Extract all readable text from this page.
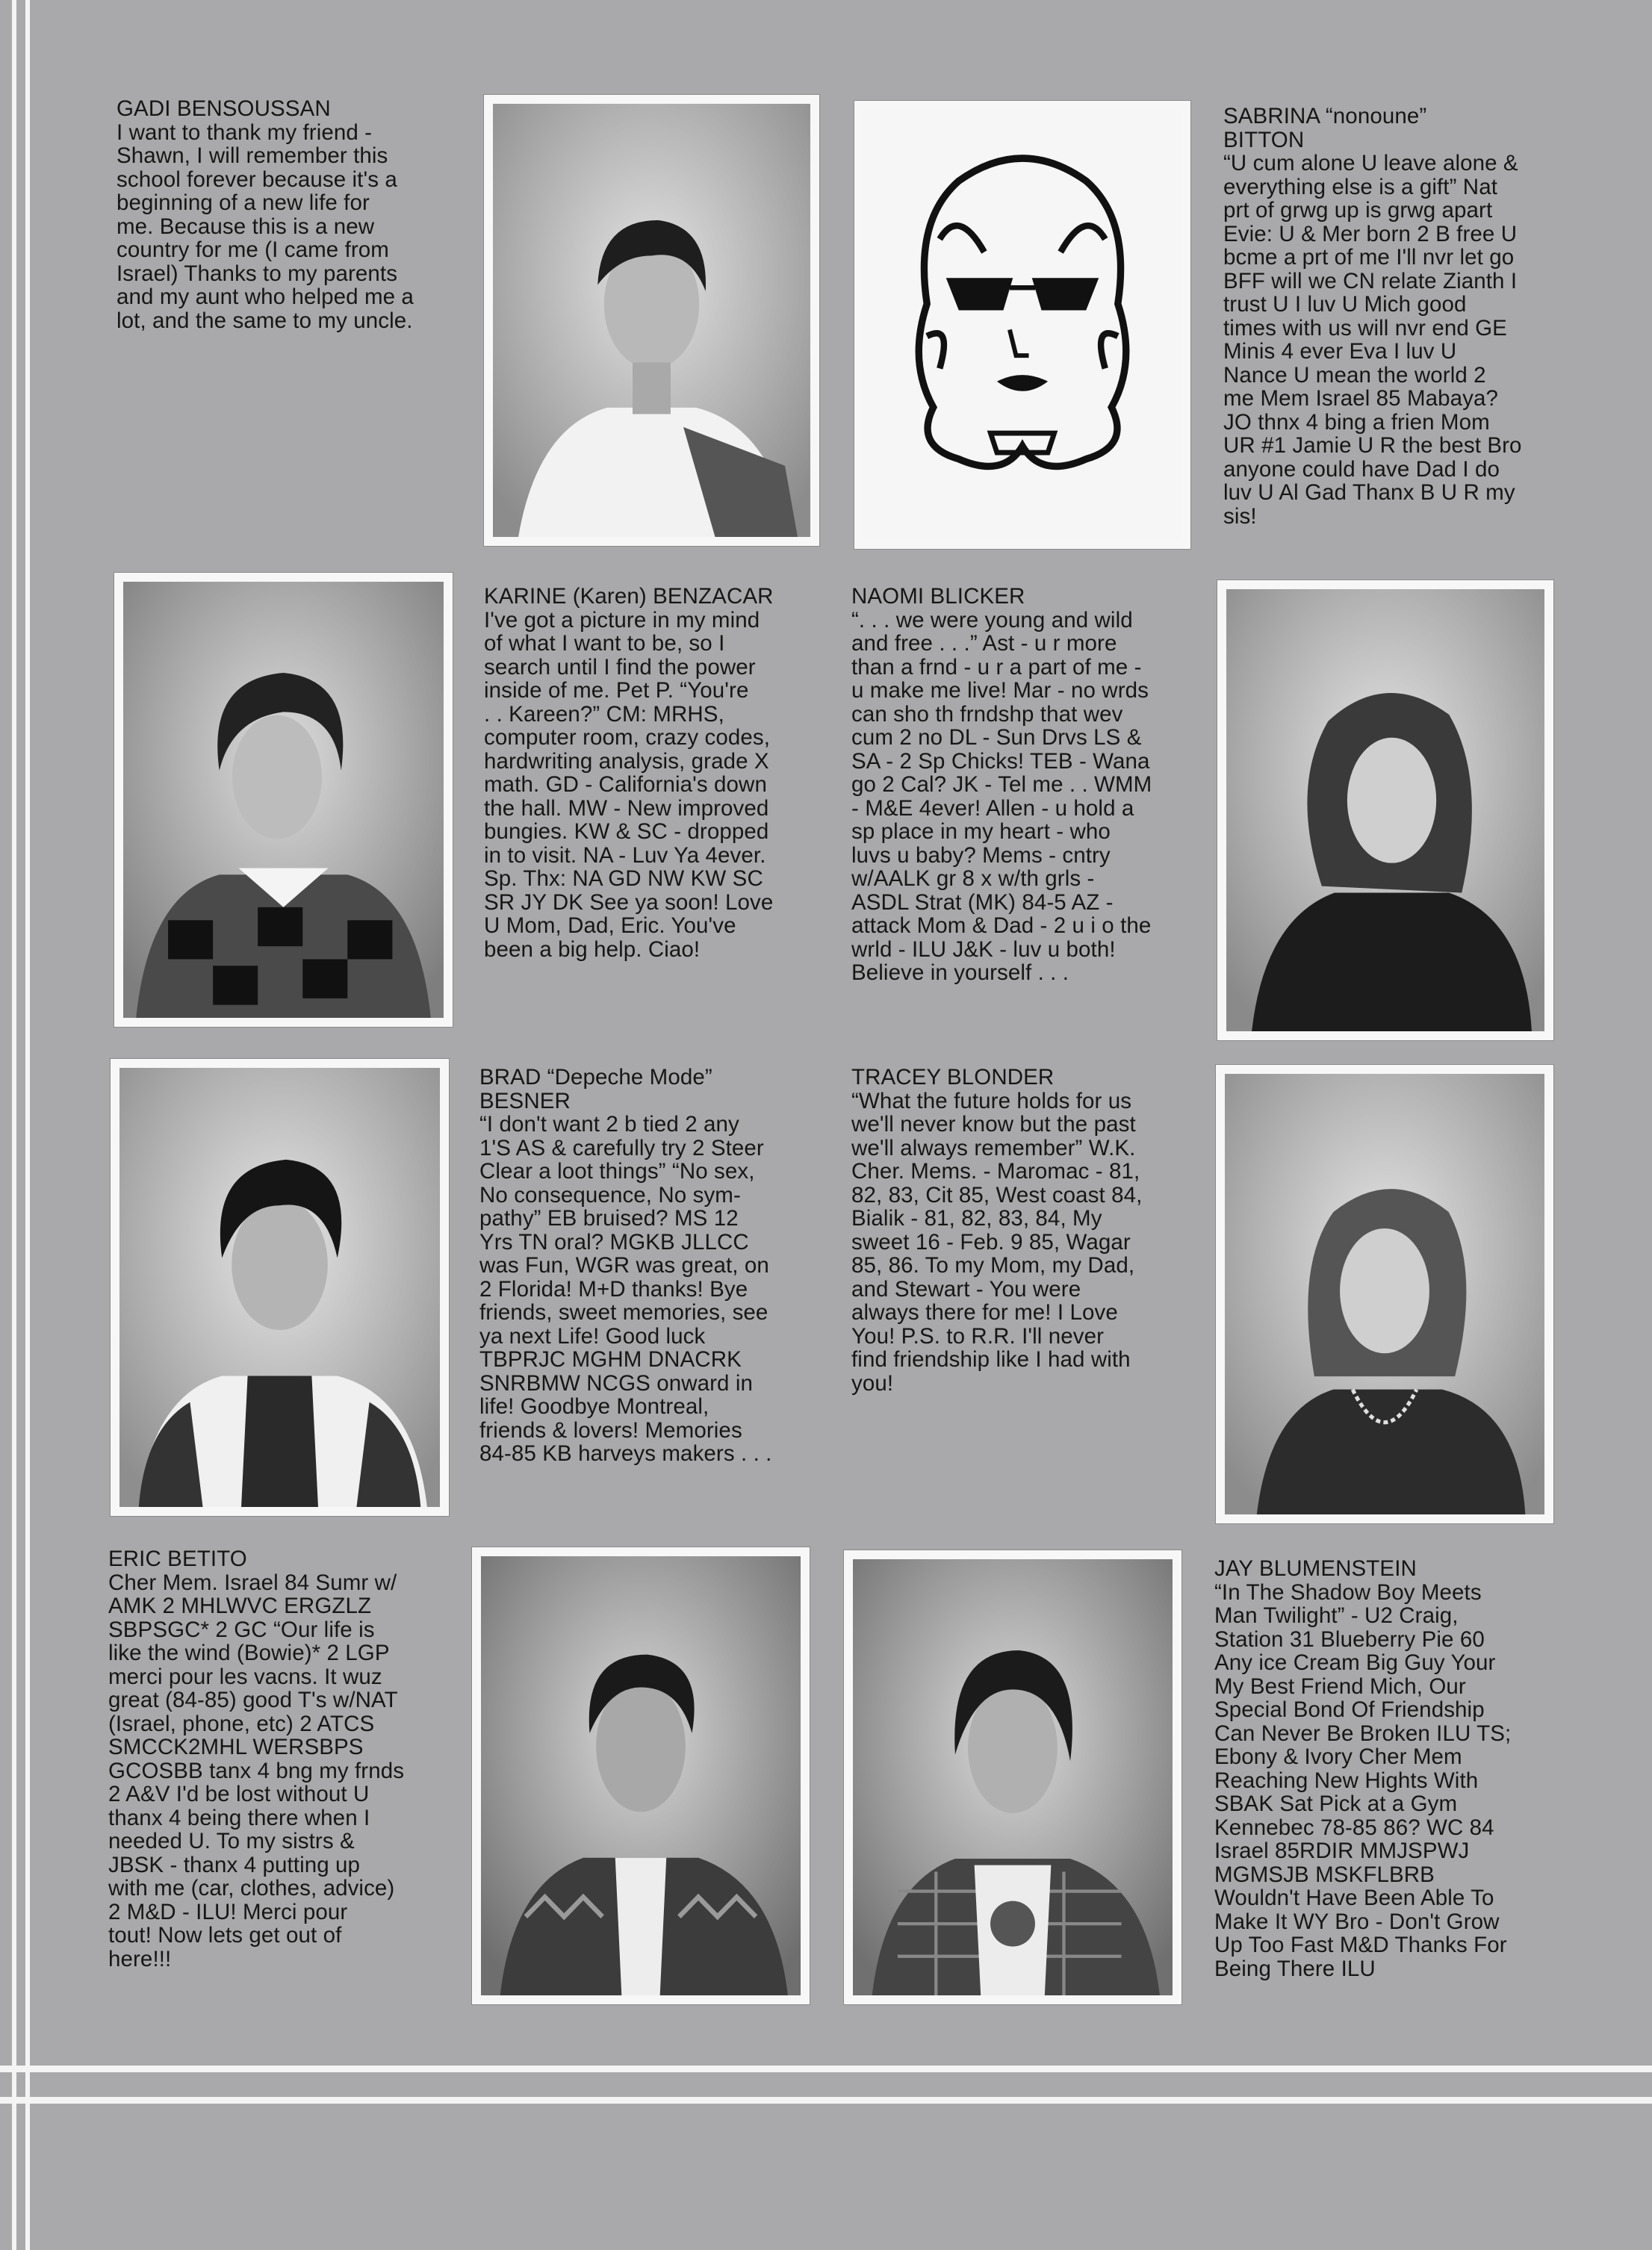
GADI BENSOUSSAN
I want to thank my friend -
Shawn, I will remember this
school forever because it's a
beginning of a new life for
me. Because this is a new
country for me (I came from
Israel) Thanks to my parents
and my aunt who helped me a
lot, and the same to my uncle.
SABRINA “nonoune”
BITTON
“U cum alone U leave alone &
everything else is a gift” Nat
prt of grwg up is grwg apart
Evie: U & Mer born 2 B free U
bcme a prt of me I'll nvr let go
BFF will we CN relate Zianth I
trust U I luv U Mich good
times with us will nvr end GE
Minis 4 ever Eva I luv U
Nance U mean the world 2
me Mem Israel 85 Mabaya?
JO thnx 4 bing a frien Mom
UR #1 Jamie U R the best Bro
anyone could have Dad I do
luv U Al Gad Thanx B U R my
sis!
KARINE (Karen) BENZACAR
I've got a picture in my mind
of what I want to be, so I
search until I find the power
inside of me. Pet P. “You're
. . Kareen?” CM: MRHS,
computer room, crazy codes,
hardwriting analysis, grade X
math. GD - California's down
the hall. MW - New improved
bungies. KW & SC - dropped
in to visit. NA - Luv Ya 4ever.
Sp. Thx: NA GD NW KW SC
SR JY DK See ya soon! Love
U Mom, Dad, Eric. You've
been a big help. Ciao!
NAOMI BLICKER
“. . . we were young and wild
and free . . .” Ast - u r more
than a frnd - u r a part of me -
u make me live! Mar - no wrds
can sho th frndshp that wev
cum 2 no DL - Sun Drvs LS &
SA - 2 Sp Chicks! TEB - Wana
go 2 Cal? JK - Tel me . . WMM
- M&E 4ever! Allen - u hold a
sp place in my heart - who
luvs u baby? Mems - cntry
w/AALK gr 8 x w/th grls -
ASDL Strat (MK) 84-5 AZ -
attack Mom & Dad - 2 u i o the
wrld - ILU J&K - luv u both!
Believe in yourself . . .
BRAD “Depeche Mode”
BESNER
“I don't want 2 b tied 2 any
1'S AS & carefully try 2 Steer
Clear a loot things” “No sex,
No consequence, No sym-
pathy” EB bruised? MS 12
Yrs TN oral? MGKB JLLCC
was Fun, WGR was great, on
2 Florida! M+D thanks! Bye
friends, sweet memories, see
ya next Life! Good luck
TBPRJC MGHM DNACRK
SNRBMW NCGS onward in
life! Goodbye Montreal,
friends & lovers! Memories
84-85 KB harveys makers . . .
TRACEY BLONDER
“What the future holds for us
we'll never know but the past
we'll always remember” W.K.
Cher. Mems. - Maromac - 81,
82, 83, Cit 85, West coast 84,
Bialik - 81, 82, 83, 84, My
sweet 16 - Feb. 9 85, Wagar
85, 86. To my Mom, my Dad,
and Stewart - You were
always there for me! I Love
You! P.S. to R.R. I'll never
find friendship like I had with
you!
ERIC BETITO
Cher Mem. Israel 84 Sumr w/
AMK 2 MHLWVC ERGZLZ
SBPSGC* 2 GC “Our life is
like the wind (Bowie)* 2 LGP
merci pour les vacns. It wuz
great (84-85) good T's w/NAT
(Israel, phone, etc) 2 ATCS
SMCCK2MHL WERSBPS
GCOSBB tanx 4 bng my frnds
2 A&V I'd be lost without U
thanx 4 being there when I
needed U. To my sistrs &
JBSK - thanx 4 putting up
with me (car, clothes, advice)
2 M&D - ILU! Merci pour
tout! Now lets get out of
here!!!
JAY BLUMENSTEIN
“In The Shadow Boy Meets
Man Twilight” - U2 Craig,
Station 31 Blueberry Pie 60
Any ice Cream Big Guy Your
My Best Friend Mich, Our
Special Bond Of Friendship
Can Never Be Broken ILU TS;
Ebony & Ivory Cher Mem
Reaching New Hights With
SBAK Sat Pick at a Gym
Kennebec 78-85 86? WC 84
Israel 85RDIR MMJSPWJ
MGMSJB MSKFLBRB
Wouldn't Have Been Able To
Make It WY Bro - Don't Grow
Up Too Fast M&D Thanks For
Being There ILU
